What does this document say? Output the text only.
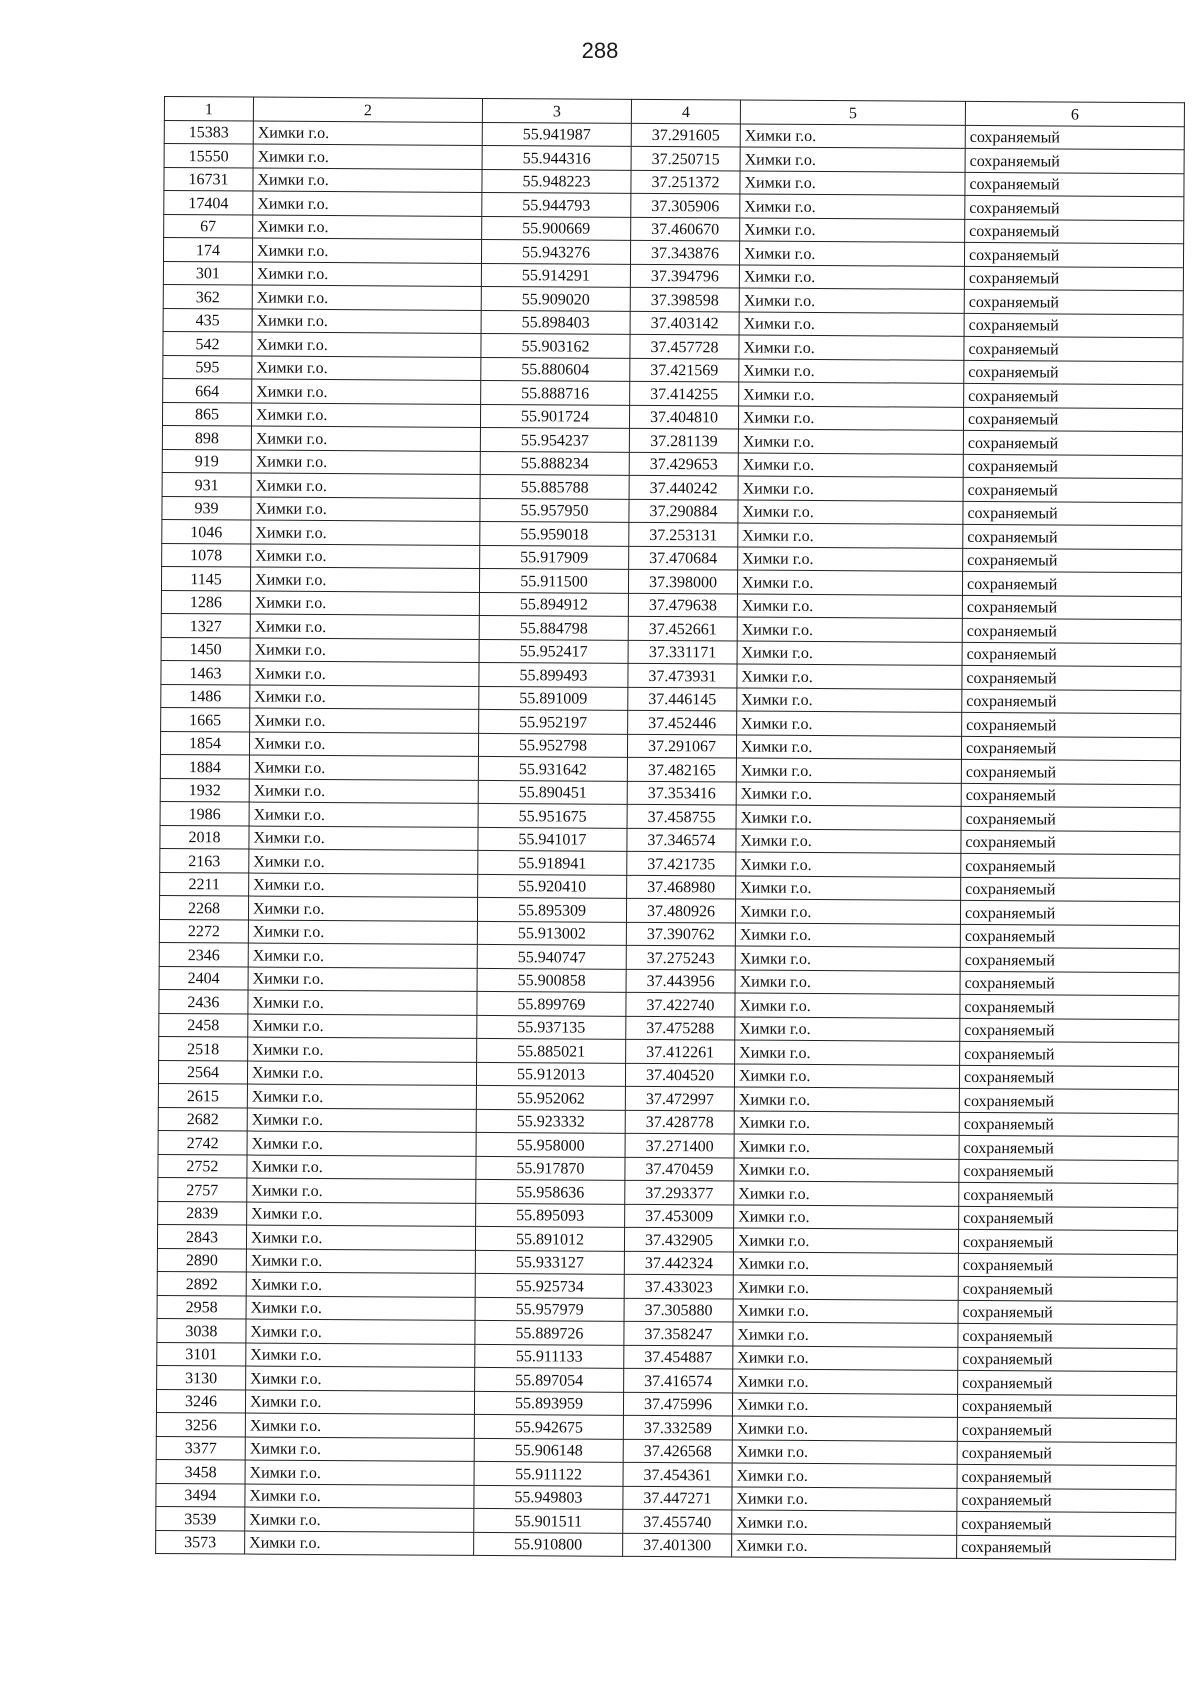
288
1	2	3	4	5	6
15383	Химки г.о.	55.941987	37.291605	Химки г.о.	сохраняемый
15550	Химки г.о.	55.944316	37.250715	Химки г.о.	сохраняемый
16731	Химки г.о.	55.948223	37.251372	Химки г.о.	сохраняемый
17404	Химки г.о.	55.944793	37.305906	Химки г.о.	сохраняемый
67	Химки г.о.	55.900669	37.460670	Химки г.о.	сохраняемый
174	Химки г.о.	55.943276	37.343876	Химки г.о.	сохраняемый
301	Химки г.о.	55.914291	37.394796	Химки г.о.	сохраняемый
362	Химки г.о.	55.909020	37.398598	Химки г.о.	сохраняемый
435	Химки г.о.	55.898403	37.403142	Химки г.о.	сохраняемый
542	Химки г.о.	55.903162	37.457728	Химки г.о.	сохраняемый
595	Химки г.о.	55.880604	37.421569	Химки г.о.	сохраняемый
664	Химки г.о.	55.888716	37.414255	Химки г.о.	сохраняемый
865	Химки г.о.	55.901724	37.404810	Химки г.о.	сохраняемый
898	Химки г.о.	55.954237	37.281139	Химки г.о.	сохраняемый
919	Химки г.о.	55.888234	37.429653	Химки г.о.	сохраняемый
931	Химки г.о.	55.885788	37.440242	Химки г.о.	сохраняемый
939	Химки г.о.	55.957950	37.290884	Химки г.о.	сохраняемый
1046	Химки г.о.	55.959018	37.253131	Химки г.о.	сохраняемый
1078	Химки г.о.	55.917909	37.470684	Химки г.о.	сохраняемый
1145	Химки г.о.	55.911500	37.398000	Химки г.о.	сохраняемый
1286	Химки г.о.	55.894912	37.479638	Химки г.о.	сохраняемый
1327	Химки г.о.	55.884798	37.452661	Химки г.о.	сохраняемый
1450	Химки г.о.	55.952417	37.331171	Химки г.о.	сохраняемый
1463	Химки г.о.	55.899493	37.473931	Химки г.о.	сохраняемый
1486	Химки г.о.	55.891009	37.446145	Химки г.о.	сохраняемый
1665	Химки г.о.	55.952197	37.452446	Химки г.о.	сохраняемый
1854	Химки г.о.	55.952798	37.291067	Химки г.о.	сохраняемый
1884	Химки г.о.	55.931642	37.482165	Химки г.о.	сохраняемый
1932	Химки г.о.	55.890451	37.353416	Химки г.о.	сохраняемый
1986	Химки г.о.	55.951675	37.458755	Химки г.о.	сохраняемый
2018	Химки г.о.	55.941017	37.346574	Химки г.о.	сохраняемый
2163	Химки г.о.	55.918941	37.421735	Химки г.о.	сохраняемый
2211	Химки г.о.	55.920410	37.468980	Химки г.о.	сохраняемый
2268	Химки г.о.	55.895309	37.480926	Химки г.о.	сохраняемый
2272	Химки г.о.	55.913002	37.390762	Химки г.о.	сохраняемый
2346	Химки г.о.	55.940747	37.275243	Химки г.о.	сохраняемый
2404	Химки г.о.	55.900858	37.443956	Химки г.о.	сохраняемый
2436	Химки г.о.	55.899769	37.422740	Химки г.о.	сохраняемый
2458	Химки г.о.	55.937135	37.475288	Химки г.о.	сохраняемый
2518	Химки г.о.	55.885021	37.412261	Химки г.о.	сохраняемый
2564	Химки г.о.	55.912013	37.404520	Химки г.о.	сохраняемый
2615	Химки г.о.	55.952062	37.472997	Химки г.о.	сохраняемый
2682	Химки г.о.	55.923332	37.428778	Химки г.о.	сохраняемый
2742	Химки г.о.	55.958000	37.271400	Химки г.о.	сохраняемый
2752	Химки г.о.	55.917870	37.470459	Химки г.о.	сохраняемый
2757	Химки г.о.	55.958636	37.293377	Химки г.о.	сохраняемый
2839	Химки г.о.	55.895093	37.453009	Химки г.о.	сохраняемый
2843	Химки г.о.	55.891012	37.432905	Химки г.о.	сохраняемый
2890	Химки г.о.	55.933127	37.442324	Химки г.о.	сохраняемый
2892	Химки г.о.	55.925734	37.433023	Химки г.о.	сохраняемый
2958	Химки г.о.	55.957979	37.305880	Химки г.о.	сохраняемый
3038	Химки г.о.	55.889726	37.358247	Химки г.о.	сохраняемый
3101	Химки г.о.	55.911133	37.454887	Химки г.о.	сохраняемый
3130	Химки г.о.	55.897054	37.416574	Химки г.о.	сохраняемый
3246	Химки г.о.	55.893959	37.475996	Химки г.о.	сохраняемый
3256	Химки г.о.	55.942675	37.332589	Химки г.о.	сохраняемый
3377	Химки г.о.	55.906148	37.426568	Химки г.о.	сохраняемый
3458	Химки г.о.	55.911122	37.454361	Химки г.о.	сохраняемый
3494	Химки г.о.	55.949803	37.447271	Химки г.о.	сохраняемый
3539	Химки г.о.	55.901511	37.455740	Химки г.о.	сохраняемый
3573	Химки г.о.	55.910800	37.401300	Химки г.о.	сохраняемый
